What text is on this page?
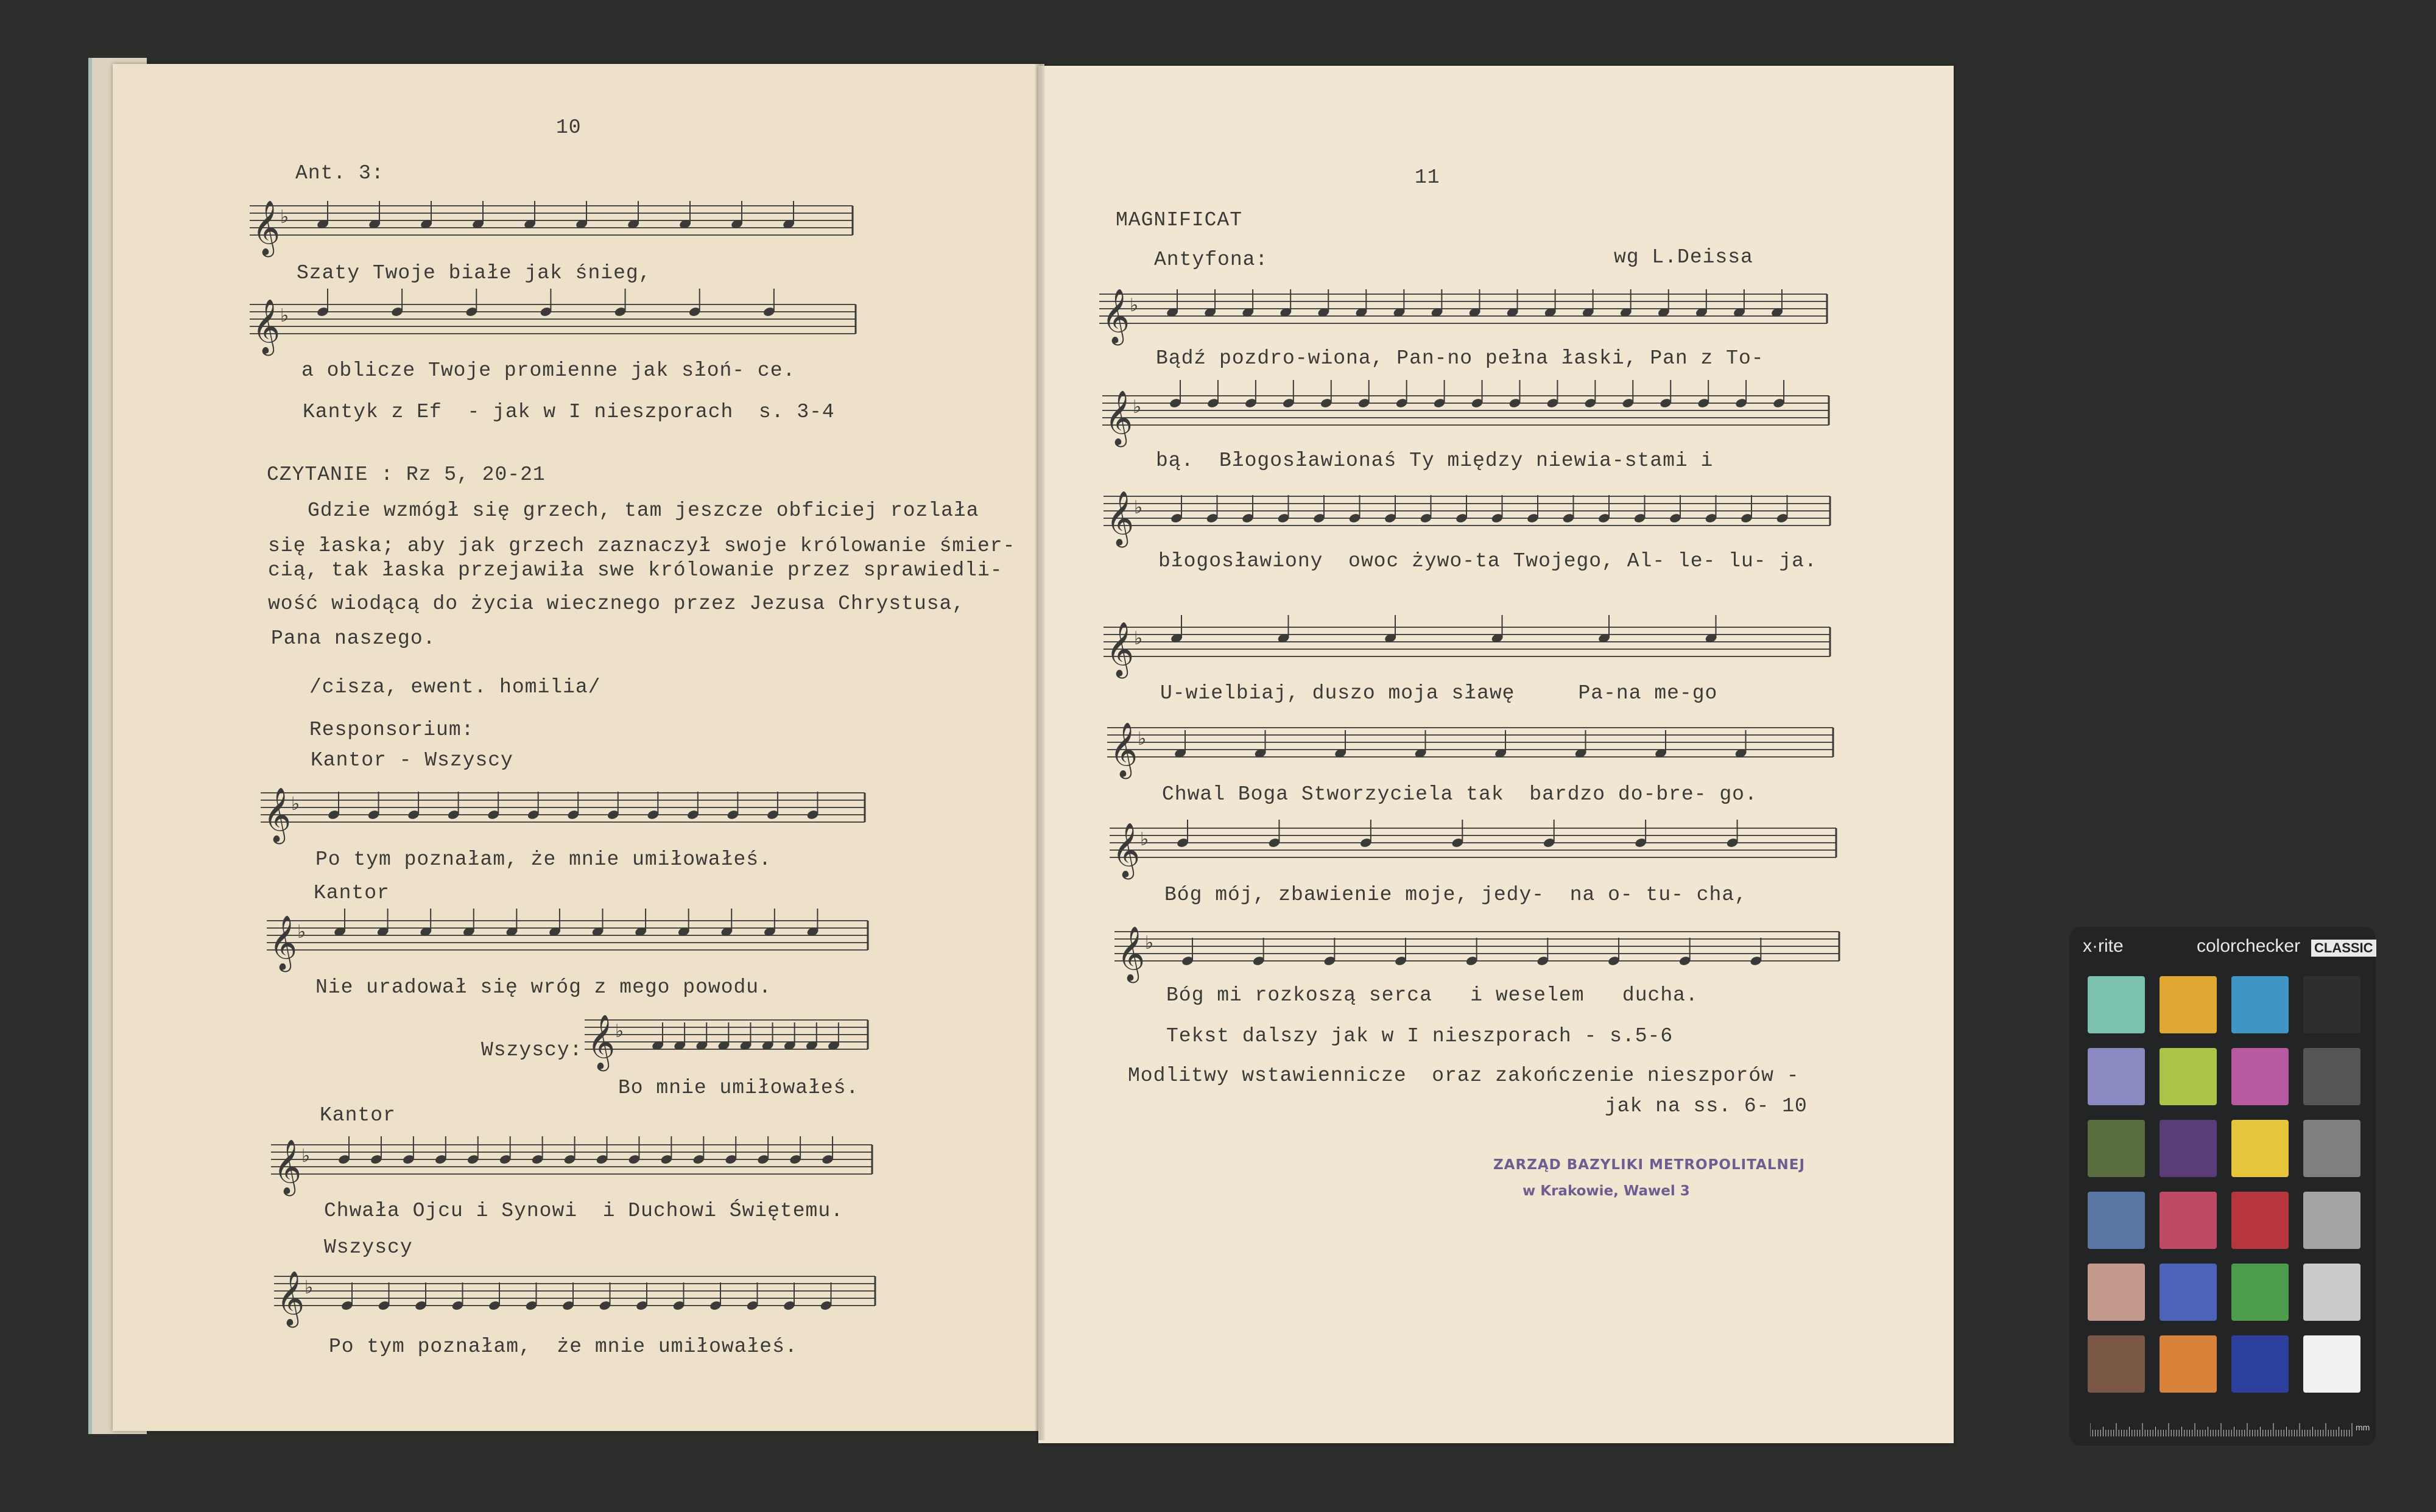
10
Ant. 3:
Szaty Twoje białe jak śnieg,
a oblicze Twoje promienne jak słoń- ce.
Kantyk z Ef  - jak w I nieszporach  s. 3-4
CZYTANIE : Rz 5, 20-21
Gdzie wzmógł się grzech, tam jeszcze obficiej rozlała
się łaska; aby jak grzech zaznaczył swoje królowanie śmier-
cią, tak łaska przejawiła swe królowanie przez sprawiedli-
wość wiodącą do życia wiecznego przez Jezusa Chrystusa,
Pana naszego.
/cisza, ewent. homilia/
Responsorium:
Kantor - Wszyscy
Po tym poznałam, że mnie umiłowałeś.
Kantor
Nie uradował się wróg z mego powodu.
Wszyscy:
Bo mnie umiłowałeś.
Kantor
Chwała Ojcu i Synowi  i Duchowi Świętemu.
Wszyscy
Po tym poznałam,  że mnie umiłowałeś.
11
MAGNIFICAT
Antyfona:	wg L.Deissa
Bądź pozdro-wiona, Pan-no pełna łaski, Pan z To-
bą.  Błogosławionaś Ty między niewia-stami i
błogosławiony  owoc żywo-ta Twojego, Al- le- lu- ja.
U-wielbiaj, duszo moja sławę     Pa-na me-go
Chwal Boga Stworzyciela tak  bardzo do-bre- go.
Bóg mój, zbawienie moje, jedy-  na o- tu- cha,
Bóg mi rozkoszą serca   i weselem   ducha.
Tekst dalszy jak w I nieszporach - s.5-6
Modlitwy wstawiennicze  oraz zakończenie nieszporów -
jak na ss. 6- 10
ZARZĄD BAZYLIKI METROPOLITALNEJ
w Krakowie, Wawel 3
𝄞 ♭
𝄞 ♭
𝄞 ♭
𝄞 ♭
𝄞 ♭
𝄞 ♭
𝄞 ♭
𝄞 ♭
𝄞 ♭
𝄞 ♭
𝄞 ♭
𝄞 ♭
𝄞 ♭
𝄞 ♭	x·rite	colorchecker CLASSIC
mm
